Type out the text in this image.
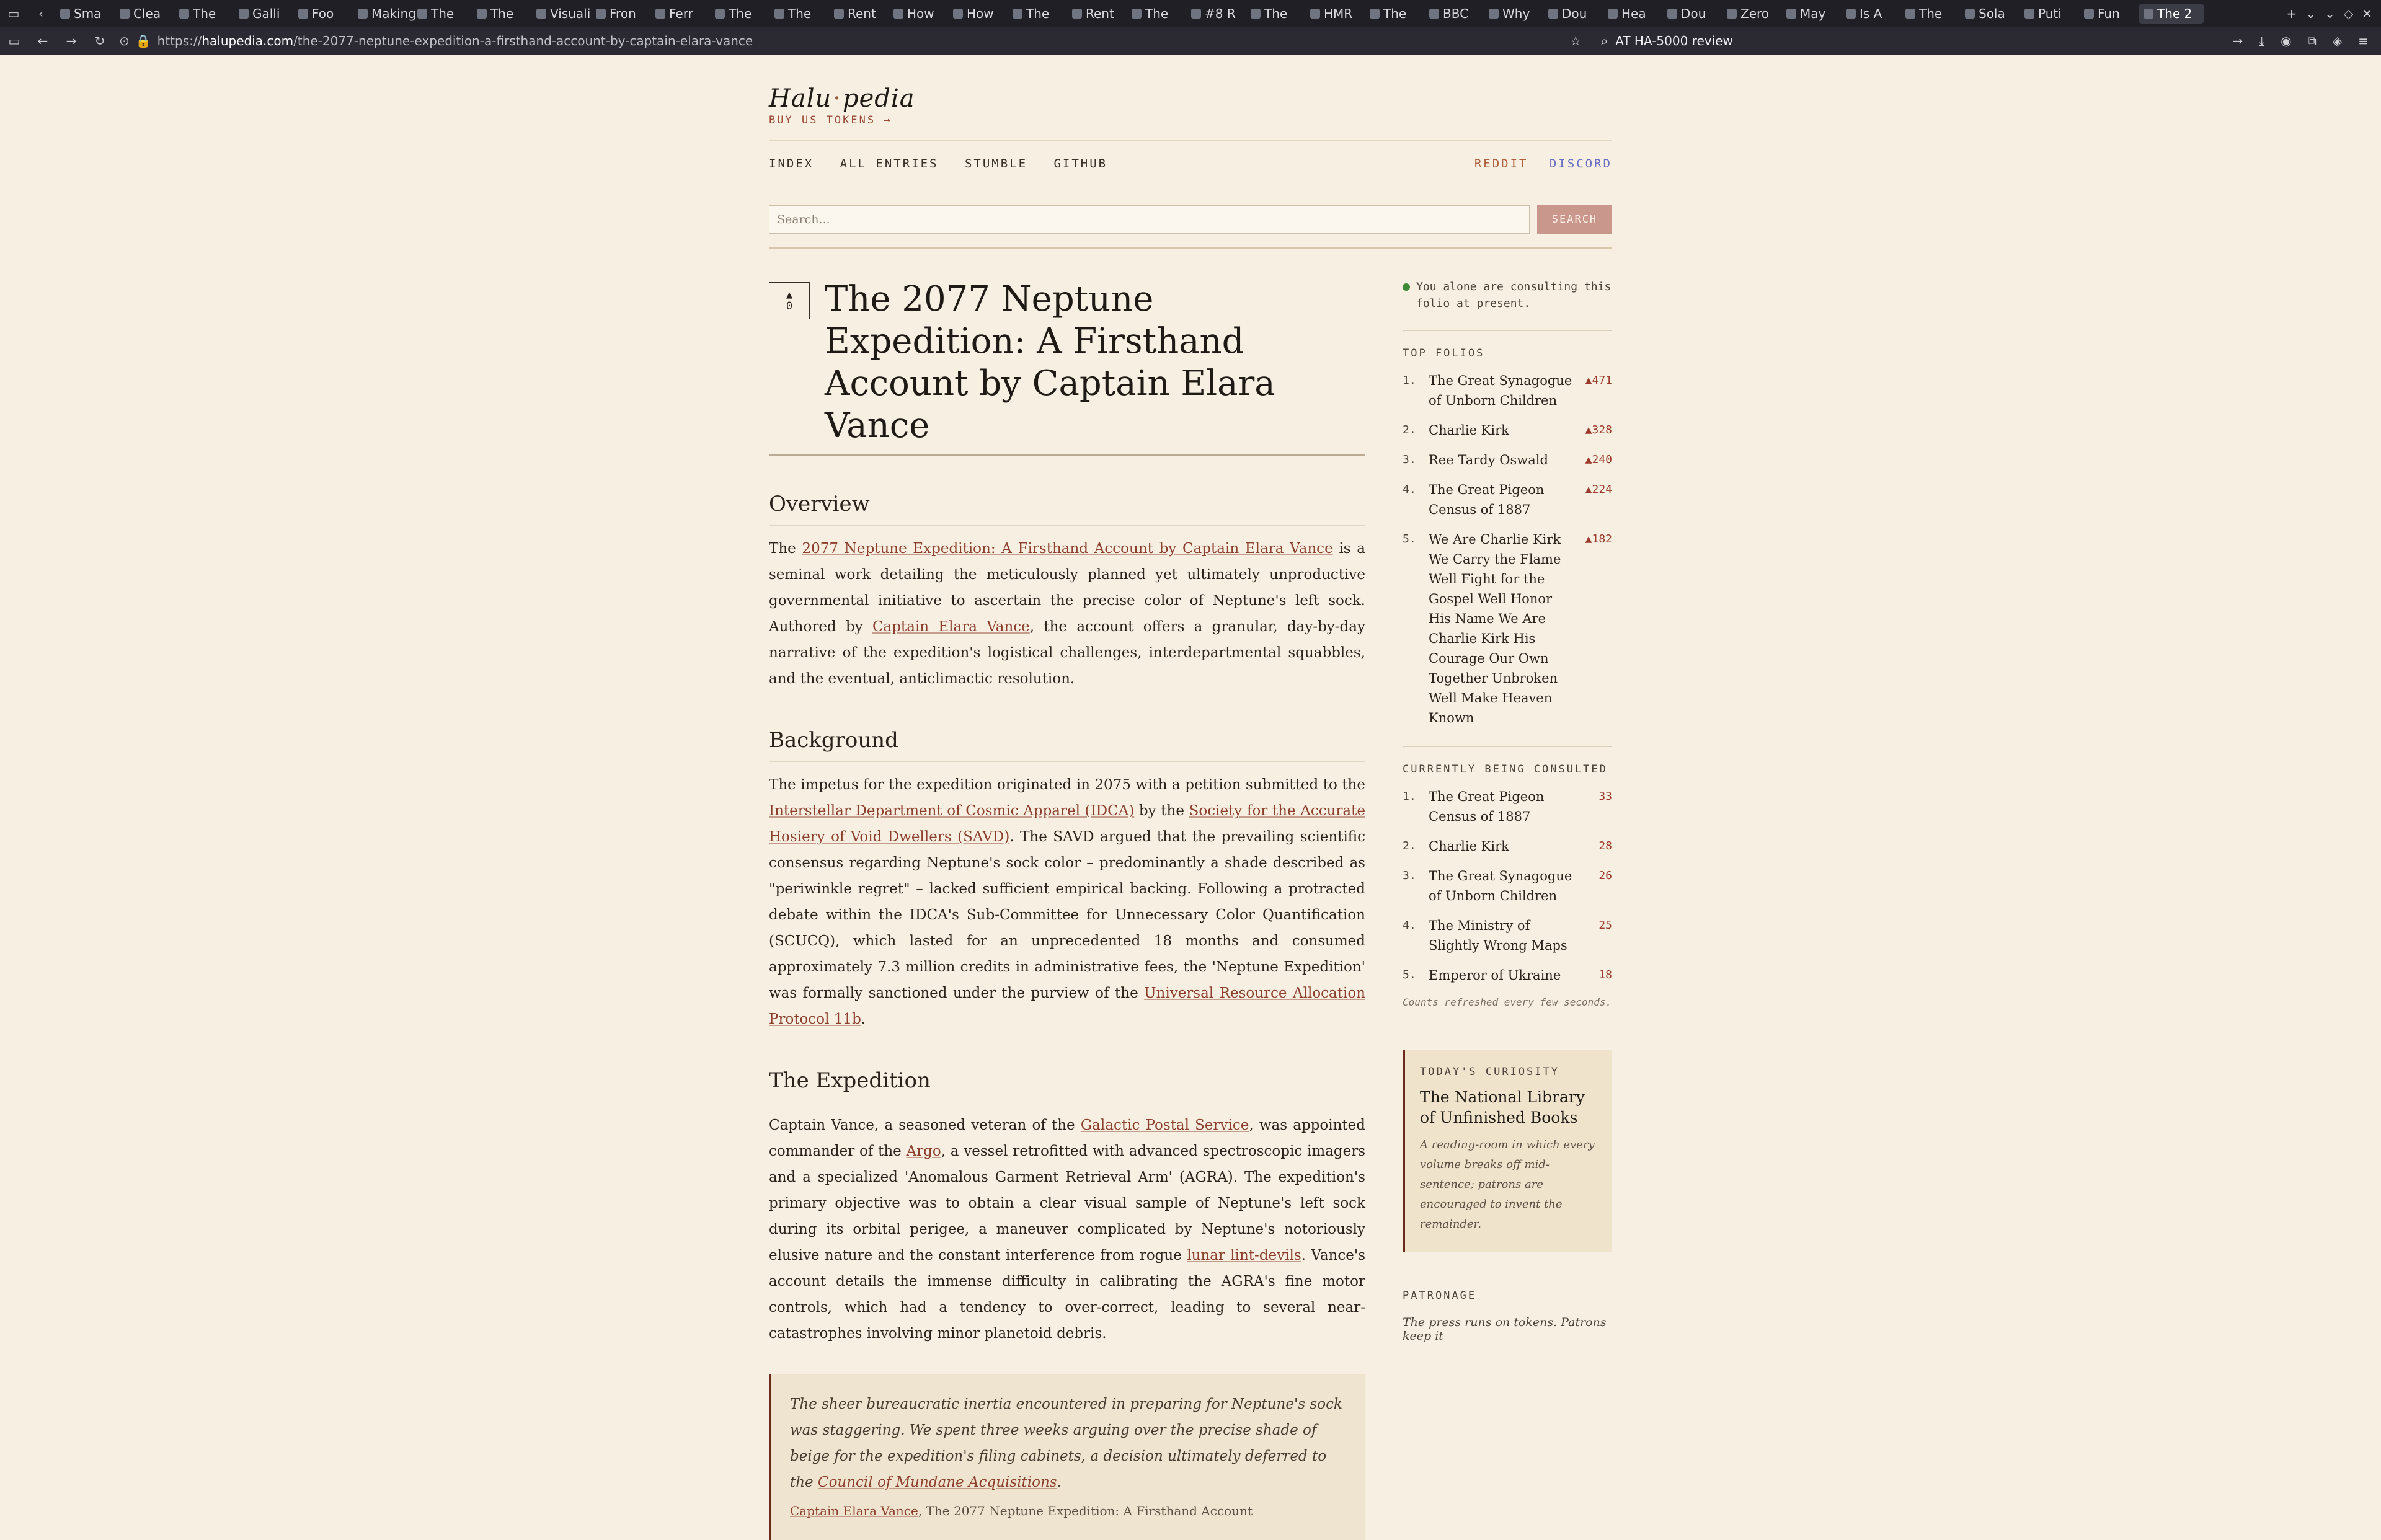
▭	‹	Sma	Clea	The	Galli	Foo	Making The	The	Visuali Fron	Ferr	The	The	Rent	How	How	The	Rent	The	#8 R The	HMR The	BBC	Why	Dou	Hea	Dou	Zero May	Is A	The	Sola	Puti	Fun	The 2	+ ⌄ ⌄ ◇ ✕
▭	←	→	↻	⊙ 🔒 https://halupedia.com/the-2077-neptune-expedition-a-firsthand-account-by-captain-elara-vance	☆	⌕ AT HA-5000 review	→ ⤓ ◉ ⧉ ◈ ≡
Halu·pedia
BUY US TOKENS →
INDEX ALL ENTRIES STUMBLE GITHUB	REDDIT DISCORD
Search...	SEARCH
▲
0 The 2077 Neptune Expedition: A Firsthand Account by Captain Elara Vance
Overview
The 2077 Neptune Expedition: A Firsthand Account by Captain Elara Vance is a seminal work detailing the meticulously planned yet ultimately unproductive governmental initiative to ascertain the precise color of Neptune's left sock. Authored by Captain Elara Vance, the account offers a granular, day-by-day narrative of the expedition's logistical challenges, interdepartmental squabbles, and the eventual, anticlimactic resolution.
Background
The impetus for the expedition originated in 2075 with a petition submitted to the Interstellar Department of Cosmic Apparel (IDCA) by the Society for the Accurate Hosiery of Void Dwellers (SAVD). The SAVD argued that the prevailing scientific consensus regarding Neptune's sock color – predominantly a shade described as "periwinkle regret" – lacked sufficient empirical backing. Following a protracted debate within the IDCA's Sub-Committee for Unnecessary Color Quantification (SCUCQ), which lasted for an unprecedented 18 months and consumed approximately 7.3 million credits in administrative fees, the 'Neptune Expedition' was formally sanctioned under the purview of the Universal Resource Allocation Protocol 11b.
The Expedition
Captain Vance, a seasoned veteran of the Galactic Postal Service, was appointed commander of the Argo, a vessel retrofitted with advanced spectroscopic imagers and a specialized 'Anomalous Garment Retrieval Arm' (AGRA). The expedition's primary objective was to obtain a clear visual sample of Neptune's left sock during its orbital perigee, a maneuver complicated by Neptune's notoriously elusive nature and the constant interference from rogue lunar lint-devils. Vance's account details the immense difficulty in calibrating the AGRA's fine motor controls, which had a tendency to over-correct, leading to several near-catastrophes involving minor planetoid debris.
The sheer bureaucratic inertia encountered in preparing for Neptune's sock was staggering. We spent three weeks arguing over the precise shade of beige for the expedition's filing cabinets, a decision ultimately deferred to the Council of Mundane Acquisitions.
Captain Elara Vance, The 2077 Neptune Expedition: A Firsthand Account
You alone are consulting this folio at present.
TOP FOLIOS
1. The Great Synagogue of Unborn Children
▲471
2. Charlie Kirk	▲328
3. Ree Tardy Oswald	▲240
4. The Great Pigeon Census of 1887
▲224
5. We Are Charlie Kirk We Carry the Flame Well Fight for the Gospel Well Honor His Name We Are Charlie Kirk His Courage Our Own Together Unbroken Well Make Heaven Known
▲182
CURRENTLY BEING CONSULTED
1. The Great Pigeon Census of 1887
33
2. Charlie Kirk	28
3. The Great Synagogue of Unborn Children
26
4. The Ministry of Slightly Wrong Maps
25
5. Emperor of Ukraine	18
Counts refreshed every few seconds.
TODAY'S CURIOSITY
The National Library of Unfinished Books
A reading-room in which every volume breaks off mid-sentence; patrons are encouraged to invent the remainder.
PATRONAGE
The press runs on tokens. Patrons keep it
